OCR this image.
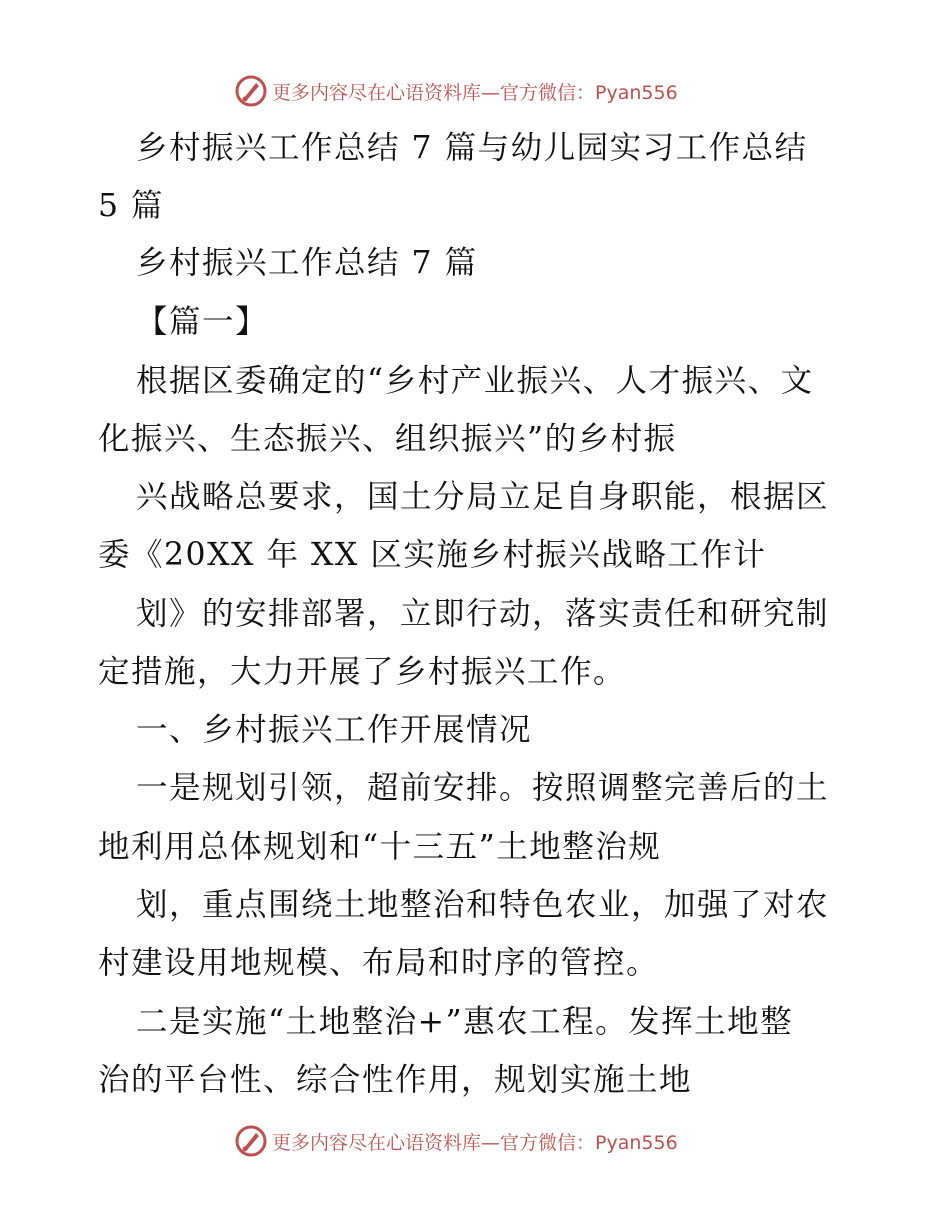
更多内容尽在心语资料库—官方微信：Pyan556
乡村振兴工作总结 7 篇与幼儿园实习工作总结
5 篇
乡村振兴工作总结 7 篇
【篇一】
根据区委确定的“乡村产业振兴、人才振兴、文
化振兴、生态振兴、组织振兴”的乡村振
兴战略总要求，国土分局立足自身职能，根据区
委《20XX 年 XX 区实施乡村振兴战略工作计
划》的安排部署，立即行动，落实责任和研究制
定措施，大力开展了乡村振兴工作。
一、乡村振兴工作开展情况
一是规划引领，超前安排。按照调整完善后的土
地利用总体规划和“十三五”土地整治规
划，重点围绕土地整治和特色农业，加强了对农
村建设用地规模、布局和时序的管控。
二是实施“土地整治+”惠农工程。发挥土地整
治的平台性、综合性作用，规划实施土地
更多内容尽在心语资料库—官方微信：Pyan556
